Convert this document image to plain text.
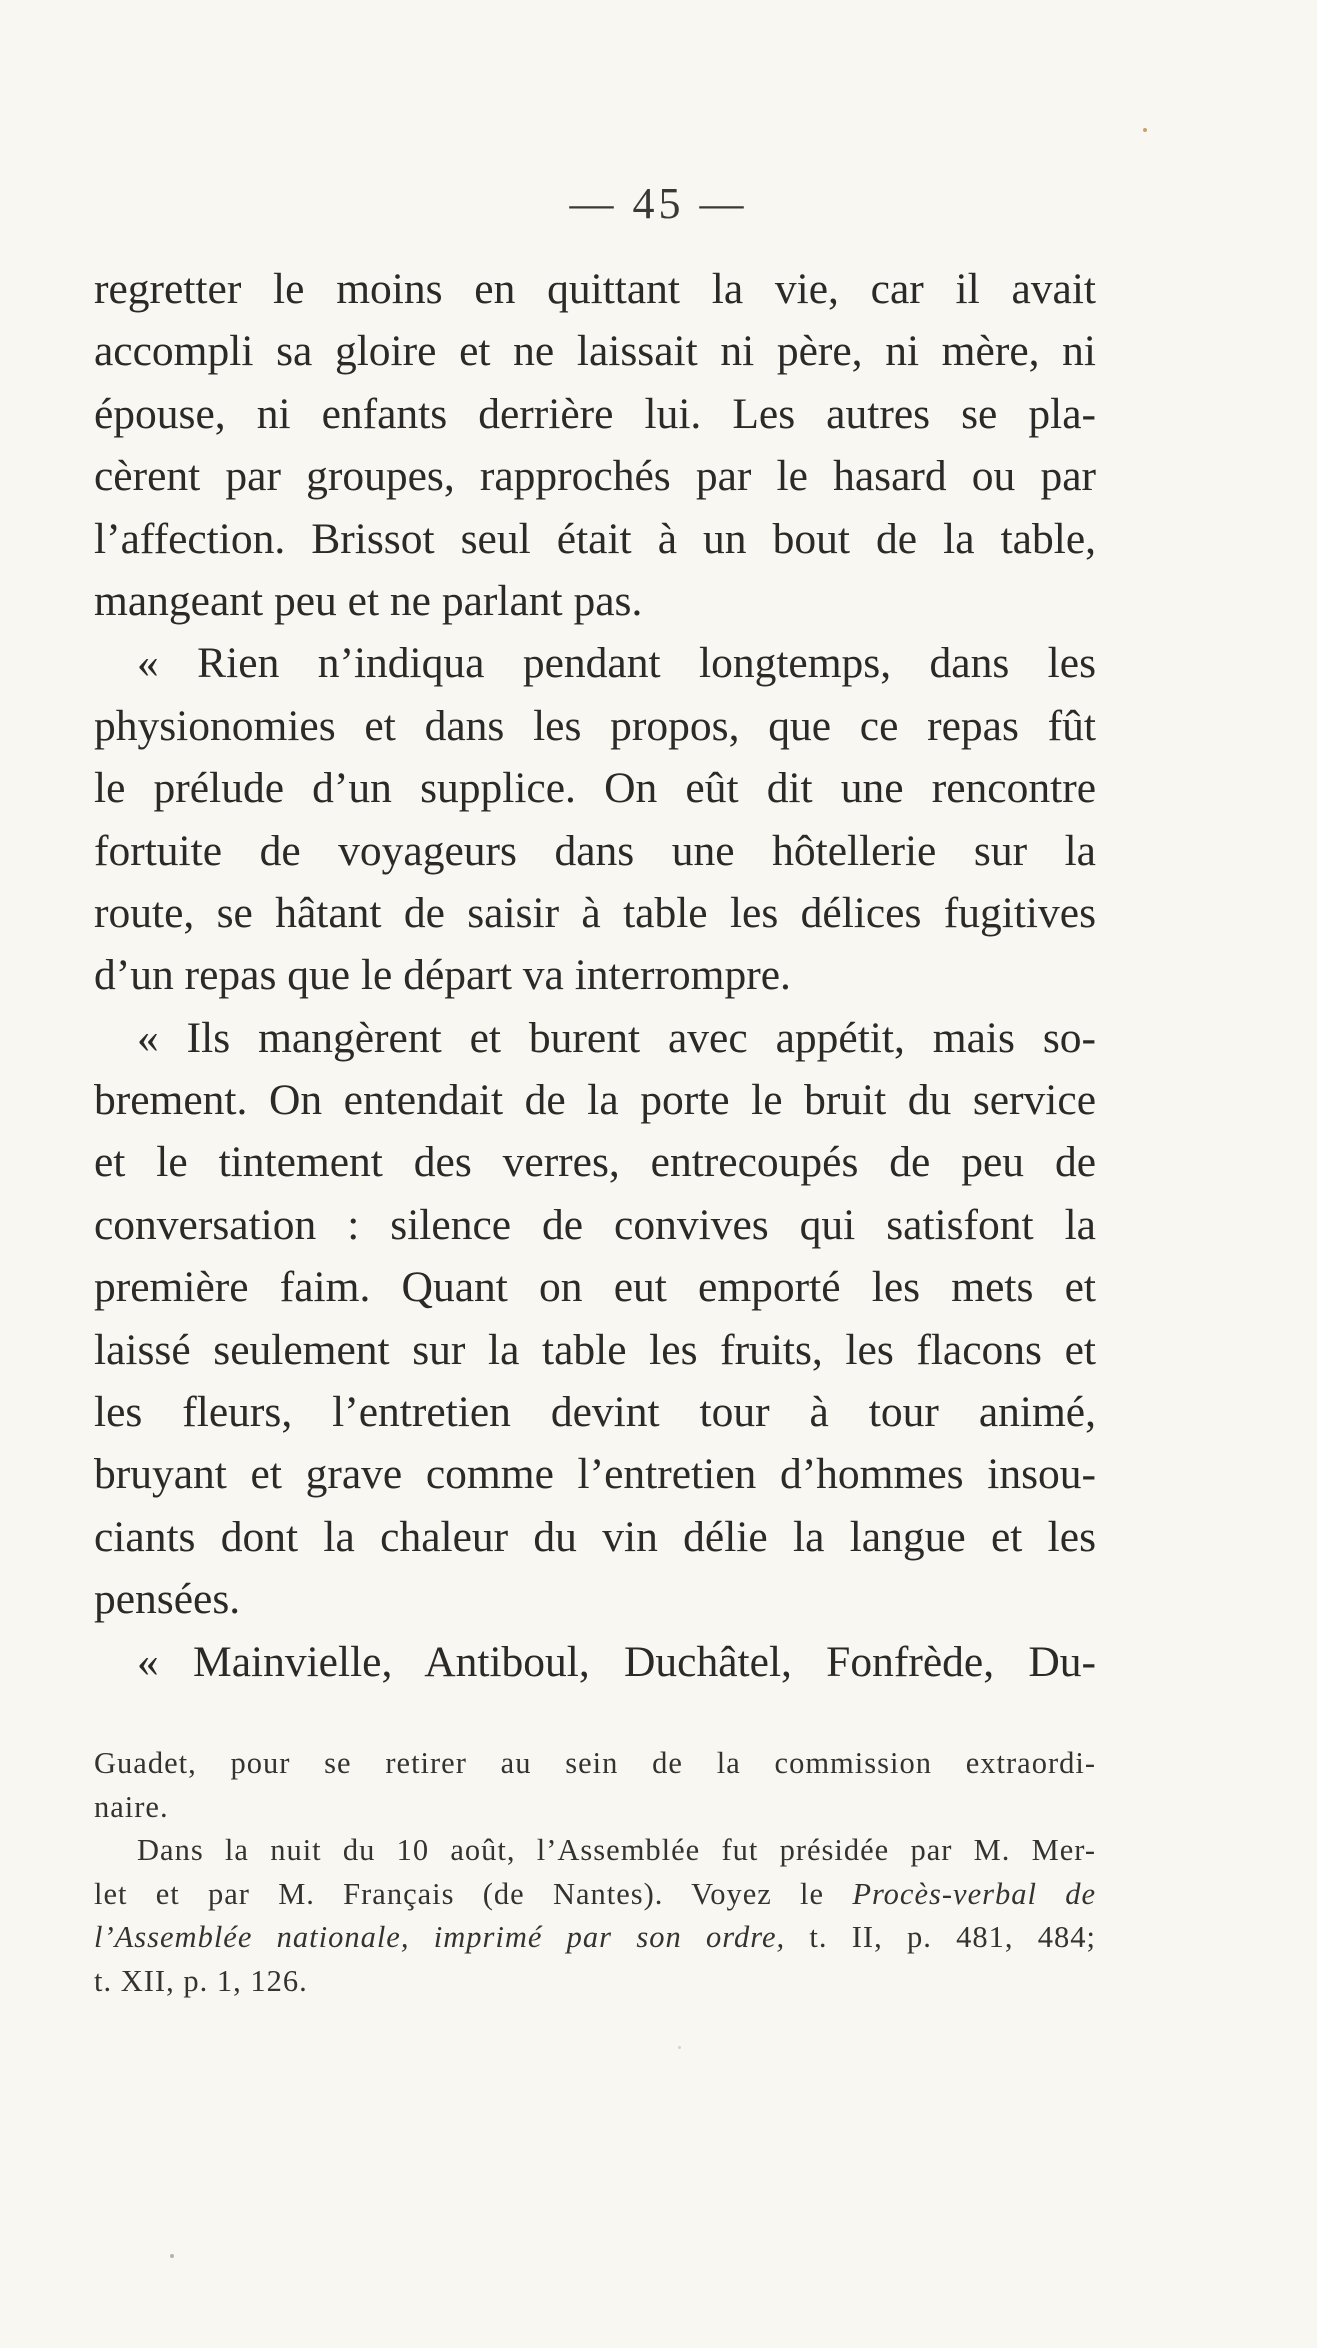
— 45 —
regretter le moins en quittant la vie, car il avait
accompli sa gloire et ne laissait ni père, ni mère, ni
épouse, ni enfants derrière lui. Les autres se pla-
cèrent par groupes, rapprochés par le hasard ou par
l’affection. Brissot seul était à un bout de la table,
mangeant peu et ne parlant pas.
« Rien n’indiqua pendant longtemps, dans les
physionomies et dans les propos, que ce repas fût
le prélude d’un supplice. On eût dit une rencontre
fortuite de voyageurs dans une hôtellerie sur la
route, se hâtant de saisir à table les délices fugitives
d’un repas que le départ va interrompre.
« Ils mangèrent et burent avec appétit, mais so-
brement. On entendait de la porte le bruit du service
et le tintement des verres, entrecoupés de peu de
conversation : silence de convives qui satisfont la
première faim. Quant on eut emporté les mets et
laissé seulement sur la table les fruits, les flacons et
les fleurs, l’entretien devint tour à tour animé,
bruyant et grave comme l’entretien d’hommes insou-
ciants dont la chaleur du vin délie la langue et les
pensées.
« Mainvielle, Antiboul, Duchâtel, Fonfrède, Du-
Guadet, pour se retirer au sein de la commission extraordi-
naire.
Dans la nuit du 10 août, l’Assemblée fut présidée par M. Mer-
let et par M. Français (de Nantes). Voyez le Procès-verbal de
l’Assemblée nationale, imprimé par son ordre, t. II, p. 481, 484;
t. XII, p. 1, 126.
